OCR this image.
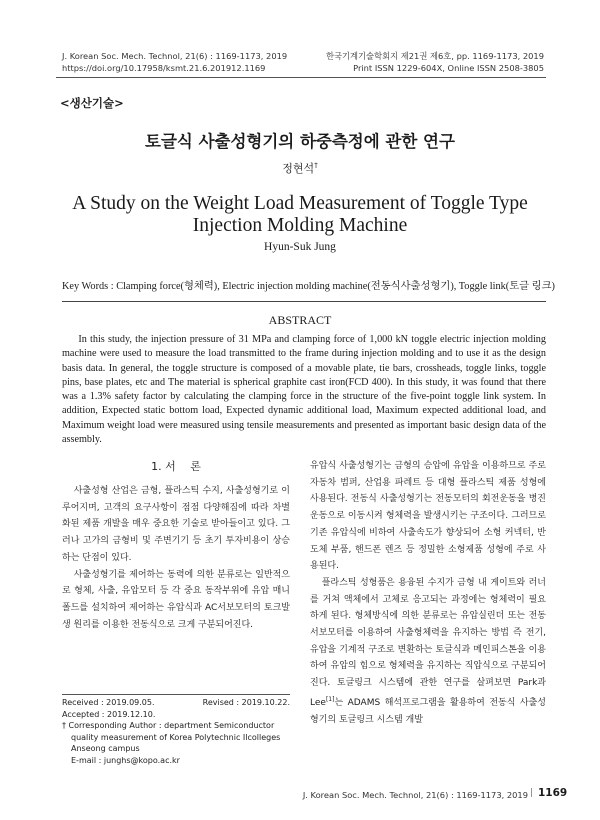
J. Korean Soc. Mech. Technol, 21(6) : 1169-1173, 2019
https://doi.org/10.17958/ksmt.21.6.201912.1169
한국기계기술학회지 제21권 제6호, pp. 1169-1173, 2019
Print ISSN 1229-604X, Online ISSN 2508-3805
<생산기술>
토글식 사출성형기의 하중측정에 관한 연구
정현석†
A Study on the Weight Load Measurement of Toggle Type
Injection Molding Machine
Hyun-Suk Jung
Key Words : Clamping force(형체력), Electric injection molding machine(전동식사출성형기), Toggle link(토글 링크)
ABSTRACT
In this study, the injection pressure of 31 MPa and clamping force of 1,000 kN toggle electric injection molding machine were used to measure the load transmitted to the frame during injection molding and to use it as the design basis data. In general, the toggle structure is composed of a movable plate, tie bars, crossheads, toggle links, toggle pins, base plates, etc and The material is spherical graphite cast iron(FCD 400). In this study, it was found that there was a 1.3% safety factor by calculating the clamping force in the structure of the five-point toggle link system. In addition, Expected static bottom load, Expected dynamic additional load, Maximum expected additional load, and Maximum weight load were measured using tensile measurements and presented as important basic design data of the assembly.
1. 서　 론

사출성형 산업은 금형, 플라스틱 수지, 사출성형기로 이루어지며, 고객의 요구사항이 점점 다양해짐에 따라 차별화된 제품 개발을 매우 중요한 기술로 받아들이고 있다. 그러나 고가의 금형비 및 주변기기 등 초기 투자비용이 상승하는 단점이 있다.

사출성형기를 제어하는 동력에 의한 분류로는 일반적으로 형체, 사출, 유압모터 등 각 중요 동작부위에 유압 매니폴드를 설치하여 제어하는 유압식과 AC서보모터의 토크발생 원리를 이용한 전동식으로 크게 구분되어진다.

Received : 2019.09.05.	Revised : 2019.10.22.
Accepted : 2019.12.10.
† Corresponding Author : department Semiconductor quality measurement of Korea Polytechnic Ilcolleges Anseong campus
E-mail : junghs@kopo.ac.kr

유압식 사출성형기는 금형의 승압에 유압을 이용하므로 주로 자동차 범퍼, 산업용 파레트 등 대형 플라스틱 제품 성형에 사용된다. 전동식 사출성형기는 전동모터의 회전운동을 병진운동으로 이동시켜 형체력을 발생시키는 구조이다. 그러므로 기존 유압식에 비하여 사출속도가 향상되어 소형 커넥터, 반도체 부품, 핸드폰 렌즈 등 정밀한 소형제품 성형에 주로 사용된다.

플라스틱 성형품은 용융된 수지가 금형 내 게이트와 러너를 거쳐 액체에서 고체로 응고되는 과정에는 형체력이 필요하게 된다. 형체방식에 의한 분류로는 유압실린더 또는 전동서보모터를 이용하여 사출형체력을 유지하는 방법 즉 전기, 유압을 기계적 구조로 변환하는 토글식과 메인피스톤을 이용하여 유압의 힘으로 형체력을 유지하는 직압식으로 구분되어진다. 토글링크 시스템에 관한 연구를 살펴보면 Park과 Lee[1]는 ADAMS 해석프로그램을 활용하여 전동식 사출성형기의 토글링크 시스템 개발

J. Korean Soc. Mech. Technol, 21(6) : 1169-1173, 2019 | 1169
